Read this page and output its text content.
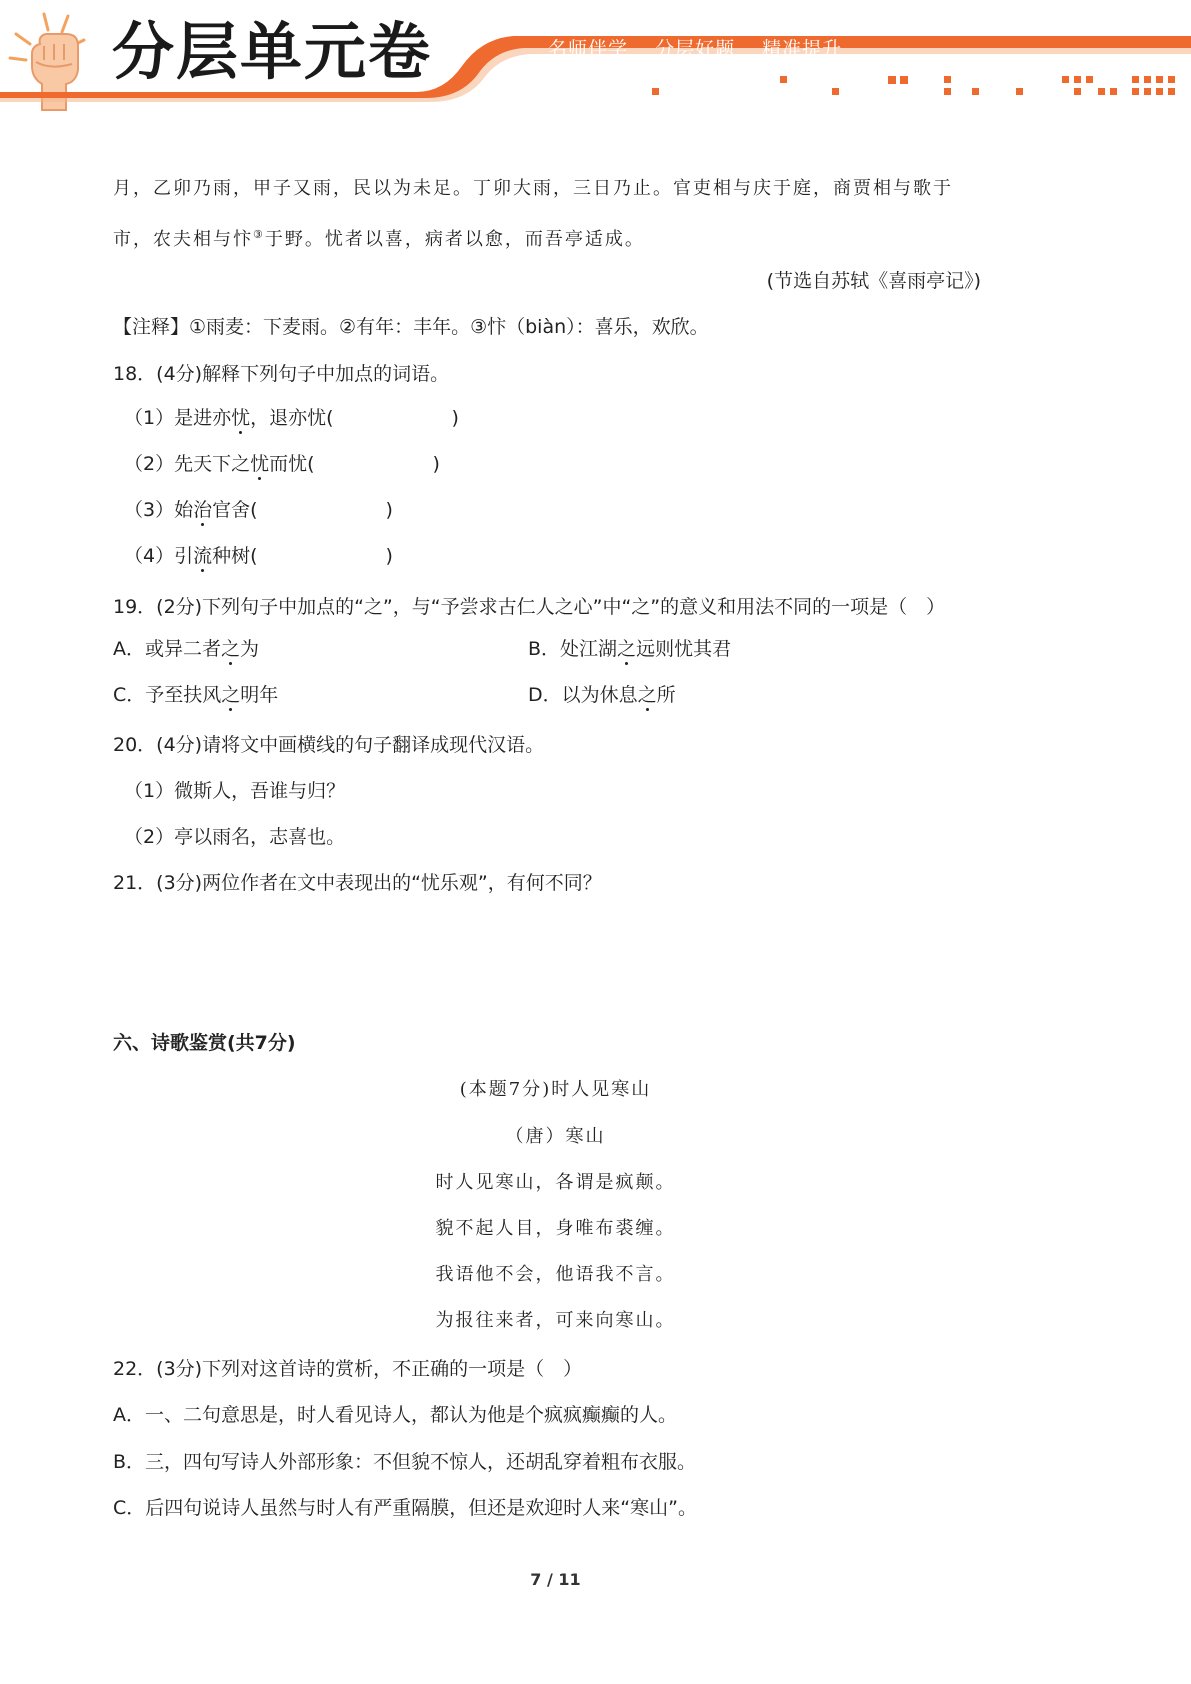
分层单元卷	名师伴学 分层好题 精准提升
月，乙卯乃雨，甲子又雨，民以为未足。丁卯大雨，三日乃止。官吏相与庆于庭，商贾相与歌于
市，农夫相与忭③于野。忧者以喜，病者以愈，而吾亭适成。
(节选自苏轼《喜雨亭记》)
【注释】①雨麦：下麦雨。②有年：丰年。③忭（biàn）：喜乐，欢欣。
18．(4分)解释下列句子中加点的词语。
（1）是进亦忧，退亦忧(	)
（2）先天下之忧而忧(	)
（3）始治官舍(	)
（4）引流种树(	)
19．(2分)下列句子中加点的“之”，与“予尝求古仁人之心”中“之”的意义和用法不同的一项是（　）
A．或异二者之为	B．处江湖之远则忧其君
C．予至扶风之明年	D．以为休息之所
20．(4分)请将文中画横线的句子翻译成现代汉语。
（1）微斯人，吾谁与归？
（2）亭以雨名，志喜也。
21．(3分)两位作者在文中表现出的“忧乐观”，有何不同？
六、诗歌鉴赏(共7分)
(本题7分)时人见寒山
（唐）寒山
时人见寒山，各谓是疯颠。
貌不起人目，身唯布裘缠。
我语他不会，他语我不言。
为报往来者，可来向寒山。
22．(3分)下列对这首诗的赏析，不正确的一项是（　）
A．一、二句意思是，时人看见诗人，都认为他是个疯疯癫癫的人。
B．三，四句写诗人外部形象：不但貌不惊人，还胡乱穿着粗布衣服。
C．后四句说诗人虽然与时人有严重隔膜，但还是欢迎时人来“寒山”。
7 / 11
